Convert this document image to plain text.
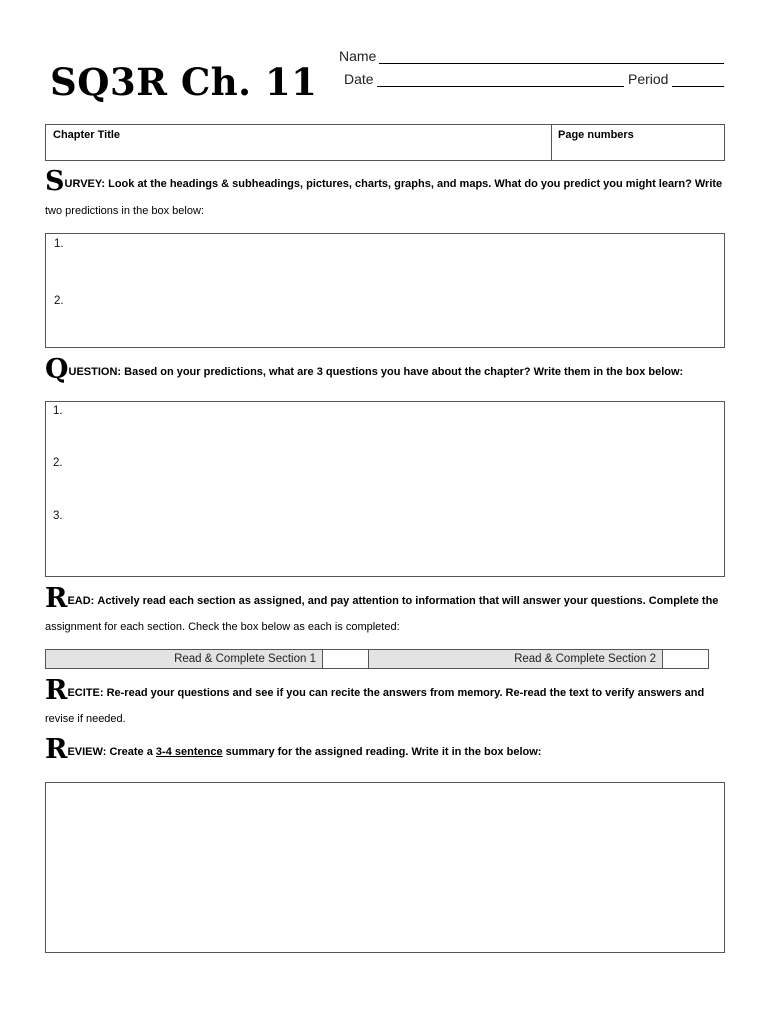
SQ3R Ch. 11
Name
Date	Period
Chapter Title	Page numbers
SURVEY: Look at the headings & subheadings, pictures, charts, graphs, and maps. What do you predict you might learn? Write
two predictions in the box below:
1.
2.
QUESTION: Based on your predictions, what are 3 questions you have about the chapter? Write them in the box below:
1.
2.
3.
READ: Actively read each section as assigned, and pay attention to information that will answer your questions. Complete the
assignment for each section. Check the box below as each is completed:
Read & Complete Section 1	Read & Complete Section 2
RECITE: Re-read your questions and see if you can recite the answers from memory. Re-read the text to verify answers and
revise if needed.
REVIEW: Create a 3-4 sentence summary for the assigned reading. Write it in the box below:
